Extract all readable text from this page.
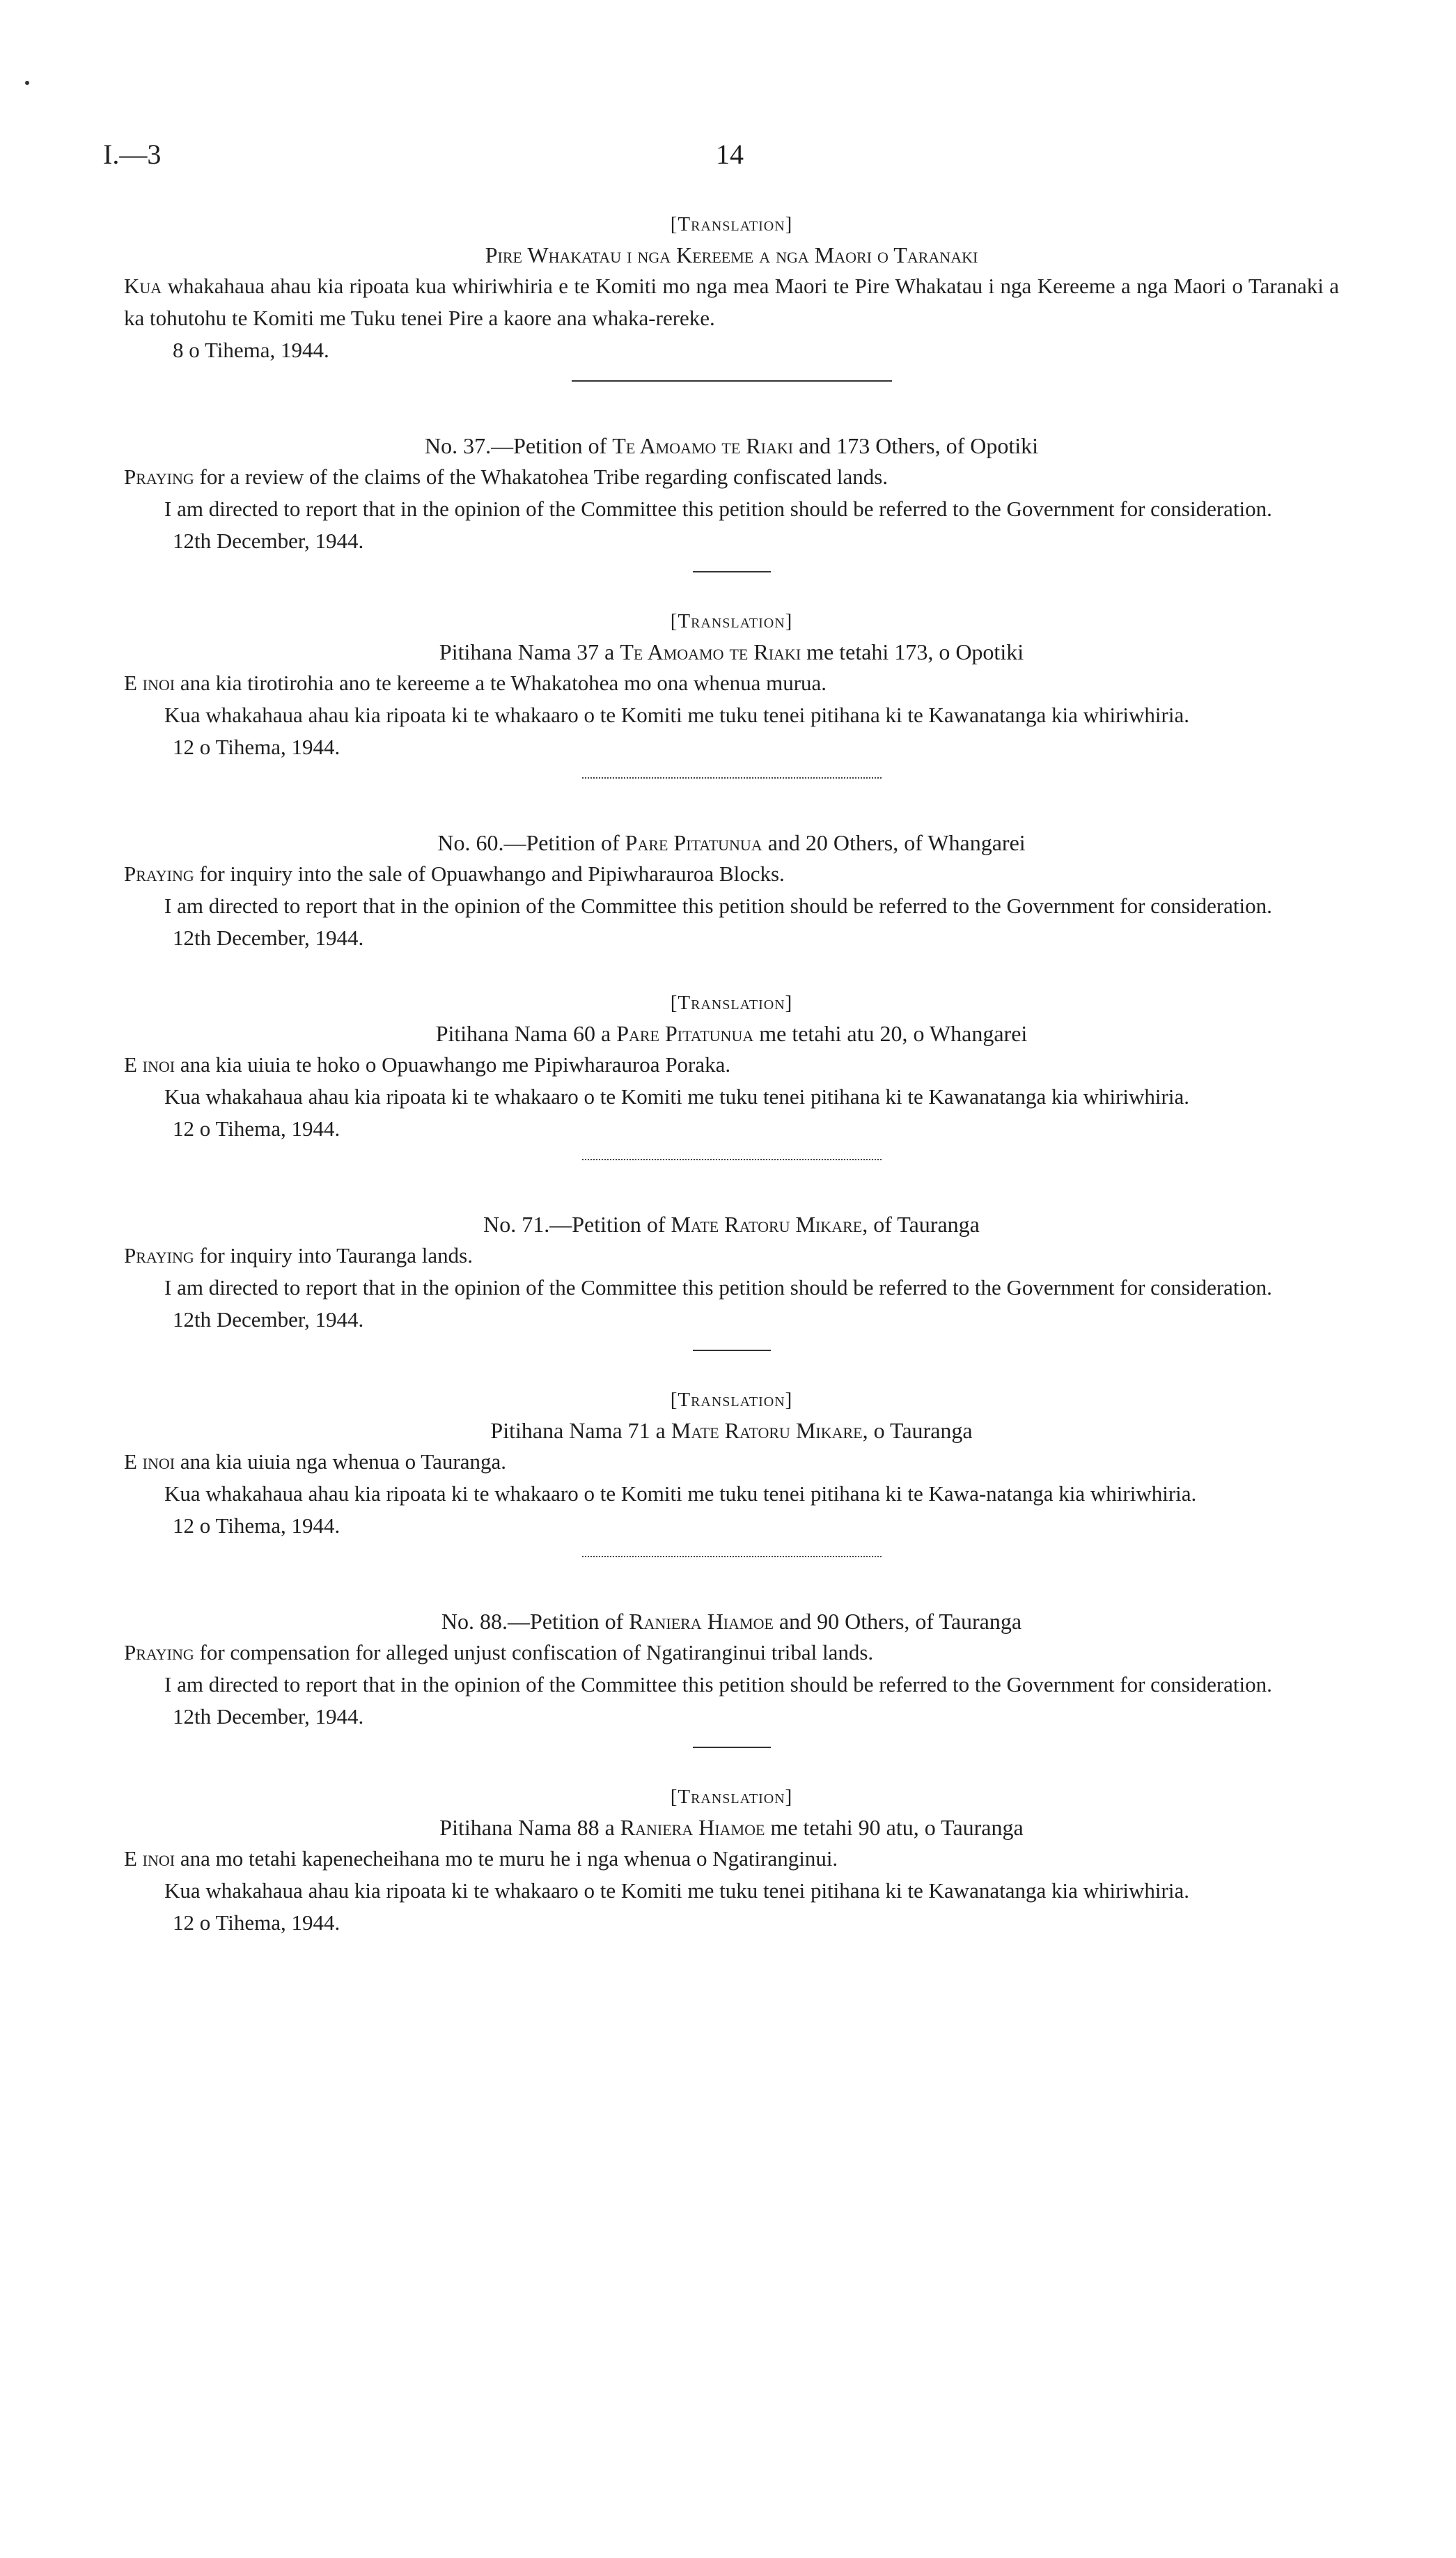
I.—3	14
[Translation]
Pire Whakatau i nga Kereeme a nga Maori o Taranaki

Kua whakahaua ahau kia ripoata kua whiriwhiria e te Komiti mo nga mea Maori te Pire Whakatau i nga Kereeme a nga Maori o Taranaki a ka tohutohu te Komiti me Tuku tenei Pire a kaore ana whaka-rereke.

8 o Tihema, 1944.
No. 37.—Petition of Te Amoamo te Riaki and 173 Others, of Opotiki

Praying for a review of the claims of the Whakatohea Tribe regarding confiscated lands.

I am directed to report that in the opinion of the Committee this petition should be referred to the Government for consideration.

12th December, 1944.
[Translation]
Pitihana Nama 37 a Te Amoamo te Riaki me tetahi 173, o Opotiki

E inoi ana kia tirotirohia ano te kereeme a te Whakatohea mo ona whenua murua.

Kua whakahaua ahau kia ripoata ki te whakaaro o te Komiti me tuku tenei pitihana ki te Kawanatanga kia whiriwhiria.

12 o Tihema, 1944.
No. 60.—Petition of Pare Pitatunua and 20 Others, of Whangarei

Praying for inquiry into the sale of Opuawhango and Pipiwharauroa Blocks.

I am directed to report that in the opinion of the Committee this petition should be referred to the Government for consideration.

12th December, 1944.
[Translation]
Pitihana Nama 60 a Pare Pitatunua me tetahi atu 20, o Whangarei

E inoi ana kia uiuia te hoko o Opuawhango me Pipiwharauroa Poraka.

Kua whakahaua ahau kia ripoata ki te whakaaro o te Komiti me tuku tenei pitihana ki te Kawanatanga kia whiriwhiria.

12 o Tihema, 1944.
No. 71.—Petition of Mate Ratoru Mikare, of Tauranga

Praying for inquiry into Tauranga lands.

I am directed to report that in the opinion of the Committee this petition should be referred to the Government for consideration.

12th December, 1944.
[Translation]
Pitihana Nama 71 a Mate Ratoru Mikare, o Tauranga

E inoi ana kia uiuia nga whenua o Tauranga.

Kua whakahaua ahau kia ripoata ki te whakaaro o te Komiti me tuku tenei pitihana ki te Kawa-natanga kia whiriwhiria.

12 o Tihema, 1944.
No. 88.—Petition of Raniera Hiamoe and 90 Others, of Tauranga

Praying for compensation for alleged unjust confiscation of Ngatiranginui tribal lands.

I am directed to report that in the opinion of the Committee this petition should be referred to the Government for consideration.

12th December, 1944.
[Translation]
Pitihana Nama 88 a Raniera Hiamoe me tetahi 90 atu, o Tauranga

E inoi ana mo tetahi kapenecheihana mo te muru he i nga whenua o Ngatiranginui.

Kua whakahaua ahau kia ripoata ki te whakaaro o te Komiti me tuku tenei pitihana ki te Kawanatanga kia whiriwhiria.

12 o Tihema, 1944.
